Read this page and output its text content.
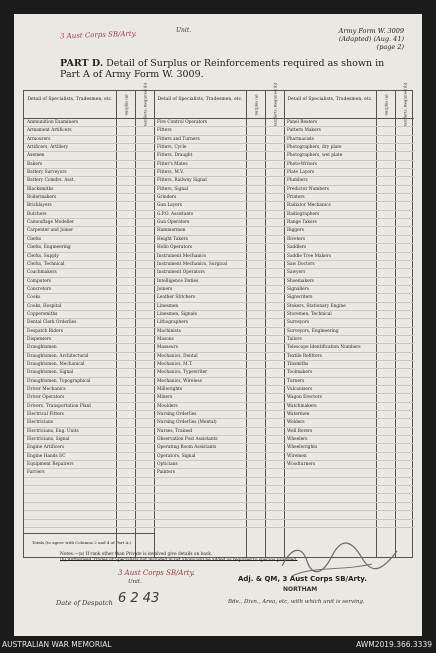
Unit.
3 Aust Corps SB/Arty.	Army Form W. 3009
(Adapted) (Aug. 41)
(page 2)
PART D. Detail of Surplus or Reinforcements required as shown in Part A of Army Form W. 3009.
Totals (to agree with Columns 2 and 4 of Part A.)
Detail of Specialists, Tradesmen, etc.	Surplus (a)	Reinforts. Required (b)
Ammunition Examiners
Armament Artificers
Armourers
Artificers, Artillery
Axemen
Bakers
Battery Surveyors
Battery Comdrs. Asst.
Blacksmiths
Boilermakers
Bricklayers
Butchers
Camouflage Modeller
Carpenter and Joiner
Clerks
Clerks, Engineering
Clerks, Supply
Clerks, Technical
Coachmakers
Computers
Concretors
Cooks
Cooks, Hospital
Coppersmiths
Dental Clerk Orderlies
Despatch Riders
Dispensers
Draughtsmen
Draughtsmen, Architectural
Draughtsmen, Mechanical
Draughtsmen, Signal
Draughtsmen, Topographical
Driver Mechanics
Driver Operators
Drivers, Transportation Plant
Electrical Fitters
Electricians
Electricians, Eng. Units
Electricians, Signal
Engine Artificers
Engine Hands I/C
Equipment Repairers
Farriers
Detail of Specialists, Tradesmen, etc.	Surplus (a)	Reinforts. Required (b)
Fire Control Operators
Fitters
Fitters and Turners
Fitters, Cycle
Fitters, Draught
Fitter's Mates
Fitters, M.V.
Fitters, Railway Signal
Fitters, Signal
Grinders
Gun Layers
G.P.O. Assistants
Gun Operators
Hammermen
Height Takers
Hollo Operators
Instrument Mechanics
Instrument Mechanics, Surgical
Instrument Operators
Intelligence Duties
Joiners
Leather Stitchers
Linesmen
Linesmen, Signals
Lithographers
Machinists
Masons
Masseurs
Mechanics, Dental
Mechanics, M.T.
Mechanics, Typewriter
Mechanics, Wireless
Millwrights
Miners
Moulders
Nursing Orderlies
Nursing Orderlies (Mental)
Nurses, Trained
Observation Post Assistants
Operating Room Assistants
Operators, Signal
Opticians
Painters
Detail of Specialists, Tradesmen, etc.	Surplus (a)	Reinforts. Required (b)
Panel Beaters
Pattern Makers
Pharmacists
Photographers, dry plate
Photographers, wet plate
Photo-Writers
Plate Layers
Plumbers
Predictor Numbers
Printers
Radiator Mechanics
Radiographers
Range Takers
Riggers
Riveters
Saddlers
Saddle Tree Makers
Saw Doctors
Sawyers
Shoemakers
Signallers
Signwriters
Stokers, Stationary Engine
Storemen, Technical
Surveyors
Surveyors, Engineering
Tailors
Telescope Identification Numbers
Textile Refitters
Tinsmiths
Toolmakers
Turners
Vulcanisers
Wagon Erectors
Watchmakers
Watermen
Welders
Well Borers
Wheelers
Wheelwrights
Wiremen
Woodturners
Notes.—(a) If rank other than Private is involved give details on back.
(b) Authorised Trades or Specialists not included in list above will be added as required to speciou provided.
3 Aust Corps SB/Arty.
Unit.
Date of Despatch 6 2 43
Adj. & QM, 3 Aust Corps SB/Arty.
NORTHAM
Bde., Divn., Area, etc, with which unit is serving.
AUSTRALIAN WAR MEMORIAL	AWM2019.366.3339
